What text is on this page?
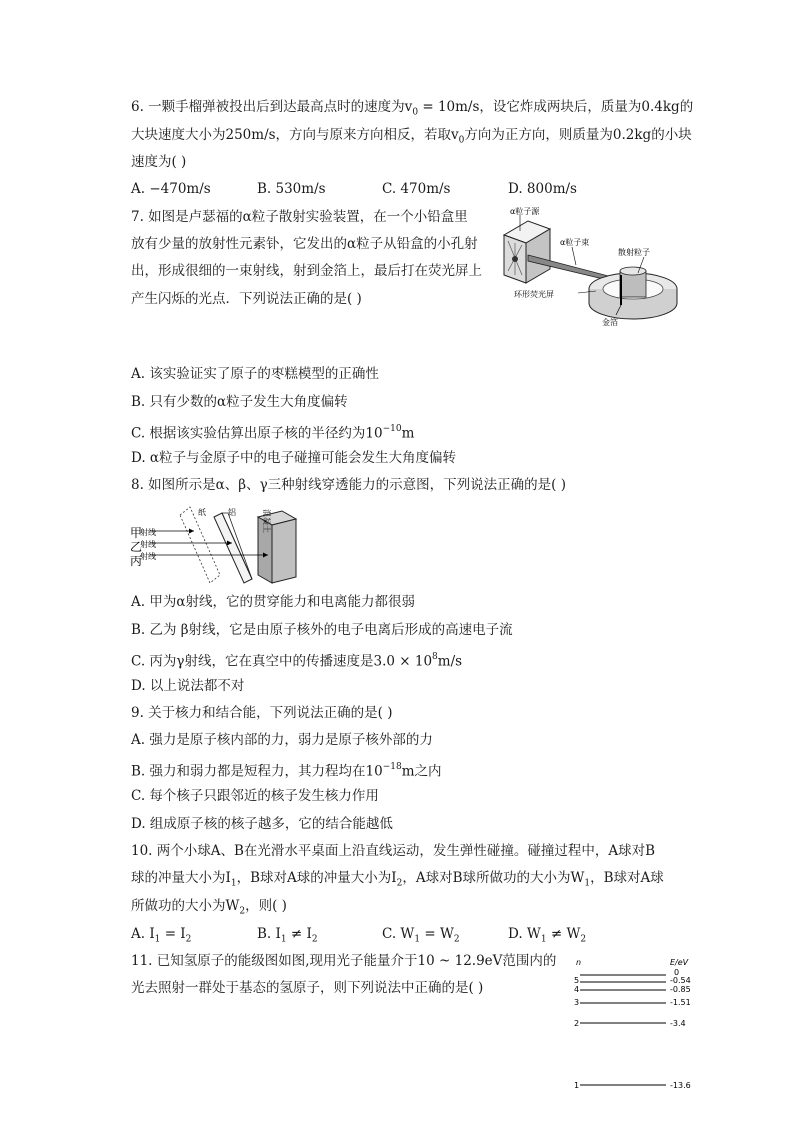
6. 一颗手榴弹被投出后到达最高点时的速度为$v_0 = 10m/s$，设它炸成两块后，质量为0.4kg的
大块速度大小为250m/s，方向与原来方向相反，若取$v_0$方向为正方向，则质量为0.2kg的小块
速度为( )
A. −470m/s	B. 530m/s	C. 470m/s	D. 800m/s
7. 如图是卢瑟福的α粒子散射实验装置，在一个小铅盒里
放有少量的放射性元素钋，它发出的α粒子从铅盒的小孔射
出，形成很细的一束射线，射到金箔上，最后打在荧光屏上
产生闪烁的光点．下列说法正确的是( )
α粒子源
α粒子束
散射粒子
环形荧光屏
金箔
A. 该实验证实了原子的枣糕模型的正确性
B. 只有少数的α粒子发生大角度偏转
C. 根据该实验估算出原子核的半径约为$10^{-10}m$
D. α粒子与金原子中的电子碰撞可能会发生大角度偏转
8. 如图所示是α、β、γ三种射线穿透能力的示意图，下列说法正确的是( )
射线
射线
射线
甲
乙
丙
纸	铝	混凝土
A. 甲为α射线，它的贯穿能力和电离能力都很弱
B. 乙为 β射线，它是由原子核外的电子电离后形成的高速电子流
C. 丙为γ射线，它在真空中的传播速度是$3.0 \times 10^8m/s$
D. 以上说法都不对
9. 关于核力和结合能，下列说法正确的是( )
A. 强力是原子核内部的力，弱力是原子核外部的力
B. 强力和弱力都是短程力，其力程均在$10^{-18}m$之内
C. 每个核子只跟邻近的核子发生核力作用
D. 组成原子核的核子越多，它的结合能越低
10. 两个小球A、B在光滑水平桌面上沿直线运动，发生弹性碰撞。碰撞过程中，A球对B
球的冲量大小为$I_1$，B球对A球的冲量大小为$I_2$，A球对B球所做功的大小为$W_1$，B球对A球
所做功的大小为$W_2$，则( )
A. $I_1 = I_2$	B. $I_1 \ne I_2$	C. $W_1 = W_2$	D. $W_1 \ne W_2$
11. 已知氢原子的能级图如图,现用光子能量介于10 ~ 12.9eV范围内的
光去照射一群处于基态的氢原子，则下列说法中正确的是( )
n	E/eV
0
5	-0.54
4	-0.85
3	-1.51
2	-3.4
1	-13.6
